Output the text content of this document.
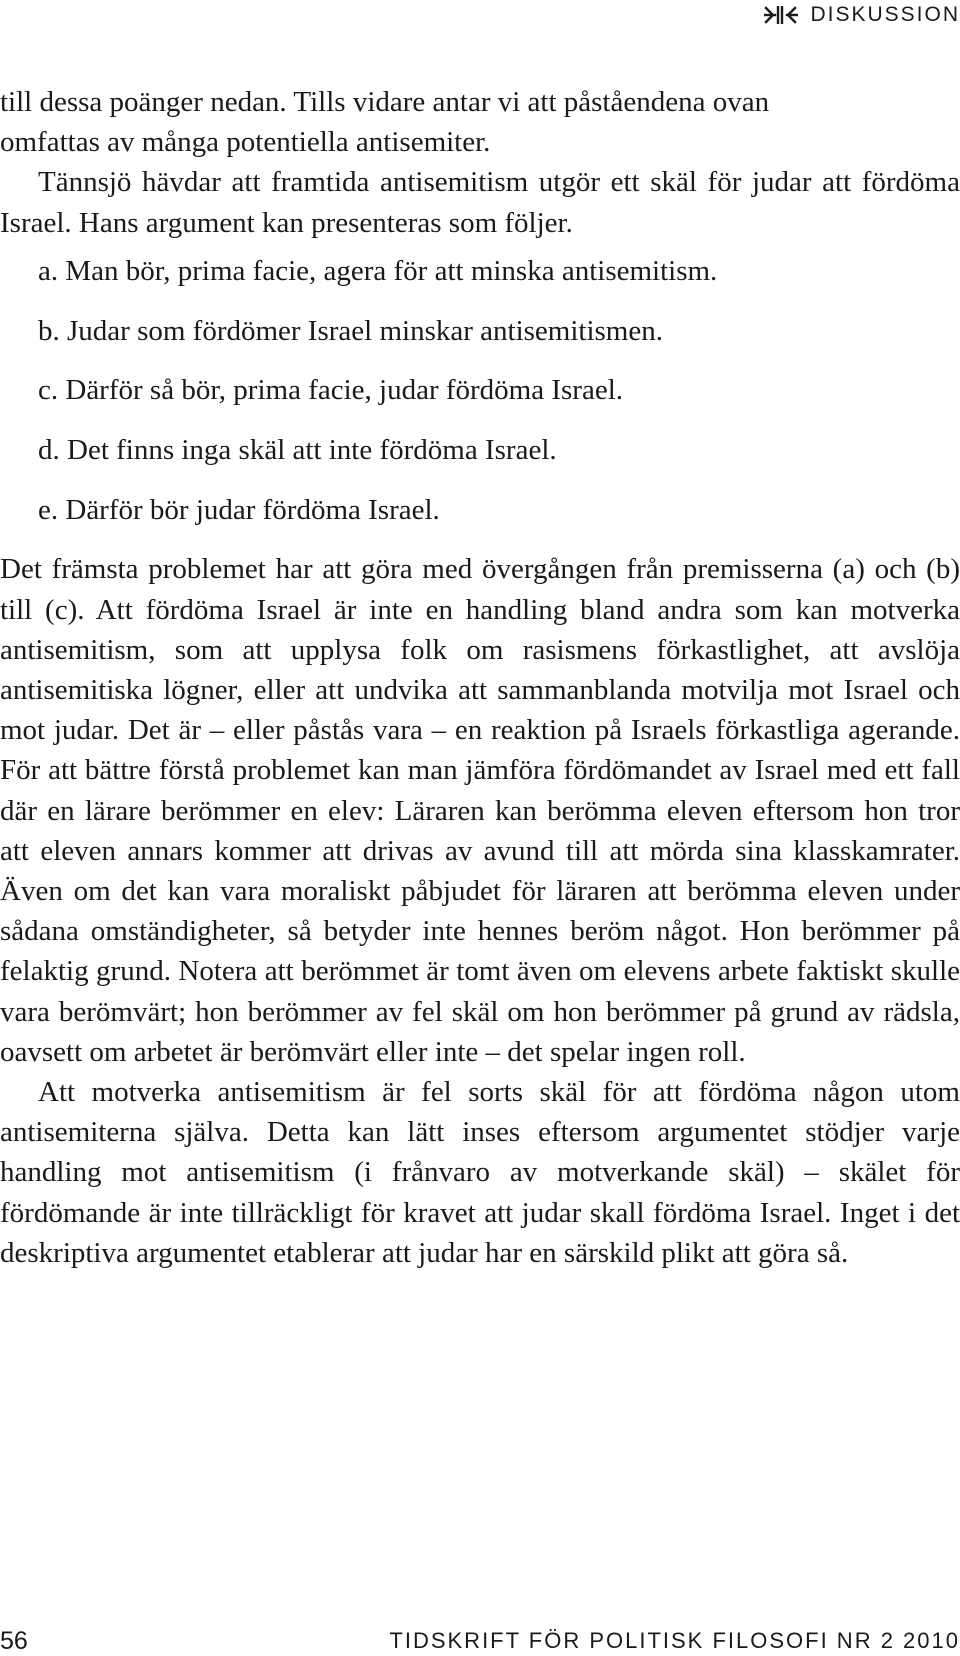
DISKUSSION
till dessa poänger nedan. Tills vidare antar vi att påståendena ovan
omfattas av många potentiella antisemiter.

Tännsjö hävdar att framtida antisemitism utgör ett skäl för judar att fördöma Israel. Hans argument kan presenteras som följer.

a. Man bör, prima facie, agera för att minska antisemitism.
b. Judar som fördömer Israel minskar antisemitismen.
c. Därför så bör, prima facie, judar fördöma Israel.
d. Det finns inga skäl att inte fördöma Israel.
e. Därför bör judar fördöma Israel.

Det främsta problemet har att göra med övergången från premisserna (a) och (b) till (c). Att fördöma Israel är inte en handling bland andra som kan motverka antisemitism, som att upplysa folk om rasismens förkastlighet, att avslöja antisemitiska lögner, eller att undvika att sammanblanda motvilja mot Israel och mot judar. Det är – eller påstås vara – en reaktion på Israels förkastliga agerande. För att bättre förstå problemet kan man jämföra fördömandet av Israel med ett fall där en lärare berömmer en elev: Läraren kan berömma eleven eftersom hon tror att eleven annars kommer att drivas av avund till att mörda sina klasskamrater. Även om det kan vara moraliskt påbjudet för läraren att berömma eleven under sådana omständigheter, så betyder inte hennes beröm något. Hon berömmer på felaktig grund. Notera att berömmet är tomt även om elevens arbete faktiskt skulle vara berömvärt; hon berömmer av fel skäl om hon berömmer på grund av rädsla, oavsett om arbetet är berömvärt eller inte – det spelar ingen roll.

Att motverka antisemitism är fel sorts skäl för att fördöma någon utom antisemiterna själva. Detta kan lätt inses eftersom argumentet stödjer varje handling mot antisemitism (i frånvaro av motverkande skäl) – skälet för fördömande är inte tillräckligt för kravet att judar skall fördöma Israel. Inget i det deskriptiva argumentet etablerar att judar har en särskild plikt att göra så.

56	TIDSKRIFT FÖR POLITISK FILOSOFI NR 2 2010
